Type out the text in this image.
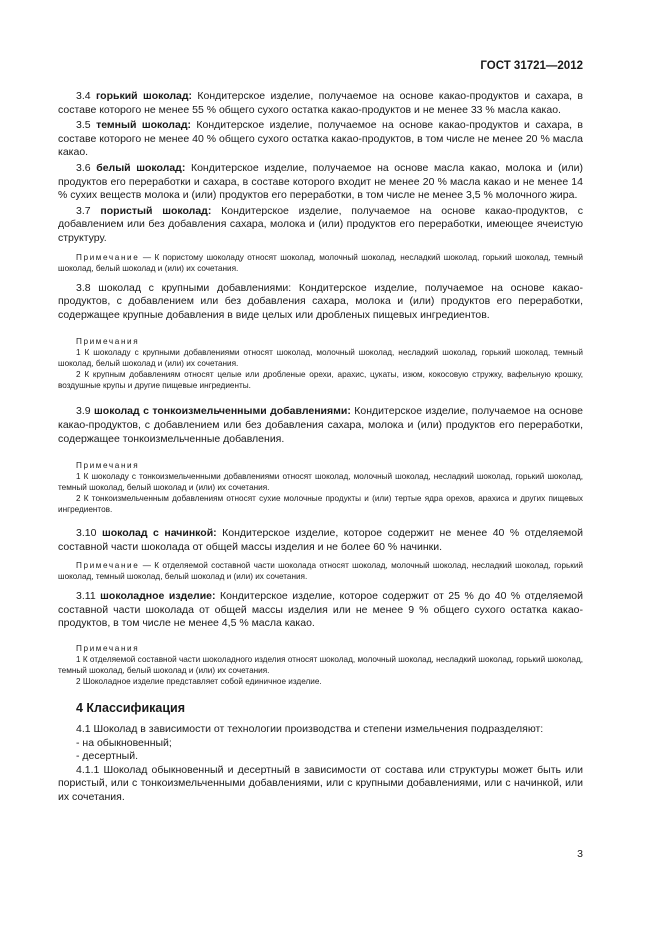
ГОСТ 31721—2012

3.4 горький шоколад: Кондитерское изделие, получаемое на основе какао-продуктов и сахара, в составе которого не менее 55 % общего сухого остатка какао-продуктов и не менее 33 % масла какао.

3.5 темный шоколад: Кондитерское изделие, получаемое на основе какао-продуктов и сахара, в составе которого не менее 40 % общего сухого остатка какао-продуктов, в том числе не менее 20 % масла какао.

3.6 белый шоколад: Кондитерское изделие, получаемое на основе масла какао, молока и (или) продуктов его переработки и сахара, в составе которого входит не менее 20 % масла какао и не менее 14 % сухих веществ молока и (или) продуктов его переработки, в том числе не менее 3,5 % молочного жира.

3.7 пористый шоколад: Кондитерское изделие, получаемое на основе какао-продуктов, с добавлением или без добавления сахара, молока и (или) продуктов его переработки, имеющее ячеистую структуру.

Примечание — К пористому шоколаду относят шоколад, молочный шоколад, несладкий шоколад, горький шоколад, темный шоколад, белый шоколад и (или) их сочетания.

3.8 шоколад с крупными добавлениями: Кондитерское изделие, получаемое на основе какао-продуктов, с добавлением или без добавления сахара, молока и (или) продуктов его переработки, содержащее крупные добавления в виде целых или дробленых пищевых ингредиентов.

Примечания

1 К шоколаду с крупными добавлениями относят шоколад, молочный шоколад, несладкий шоколад, горький шоколад, темный шоколад, белый шоколад и (или) их сочетания.

2 К крупным добавлениям относят целые или дробленые орехи, арахис, цукаты, изюм, кокосовую стружку, вафельную крошку, воздушные крупы и другие пищевые ингредиенты.

3.9 шоколад с тонкоизмельченными добавлениями: Кондитерское изделие, получаемое на основе какао-продуктов, с добавлением или без добавления сахара, молока и (или) продуктов его переработки, содержащее тонкоизмельченные добавления.

Примечания

1 К шоколаду с тонкоизмельченными добавлениями относят шоколад, молочный шоколад, несладкий шоколад, горький шоколад, темный шоколад, белый шоколад и (или) их сочетания.

2 К тонкоизмельченным добавлениям относят сухие молочные продукты и (или) тертые ядра орехов, арахиса и других пищевых ингредиентов.

3.10 шоколад с начинкой: Кондитерское изделие, которое содержит не менее 40 % отделяемой составной части шоколада от общей массы изделия и не более 60 % начинки.

Примечание — К отделяемой составной части шоколада относят шоколад, молочный шоколад, несладкий шоколад, горький шоколад, темный шоколад, белый шоколад и (или) их сочетания.

3.11 шоколадное изделие: Кондитерское изделие, которое содержит от 25 % до 40 % отделяемой составной части шоколада от общей массы изделия или не менее 9 % общего сухого остатка какао-продуктов, в том числе не менее 4,5 % масла какао.

Примечания

1 К отделяемой составной части шоколадного изделия относят шоколад, молочный шоколад, несладкий шоколад, горький шоколад, темный шоколад, белый шоколад и (или) их сочетания.

2 Шоколадное изделие представляет собой единичное изделие.

4 Классификация

4.1 Шоколад в зависимости от технологии производства и степени измельчения подразделяют:

- на обыкновенный;

- десертный.

4.1.1 Шоколад обыкновенный и десертный в зависимости от состава или структуры может быть или пористый, или с тонкоизмельченными добавлениями, или с крупными добавлениями, или с начинкой, или их сочетания.

3
